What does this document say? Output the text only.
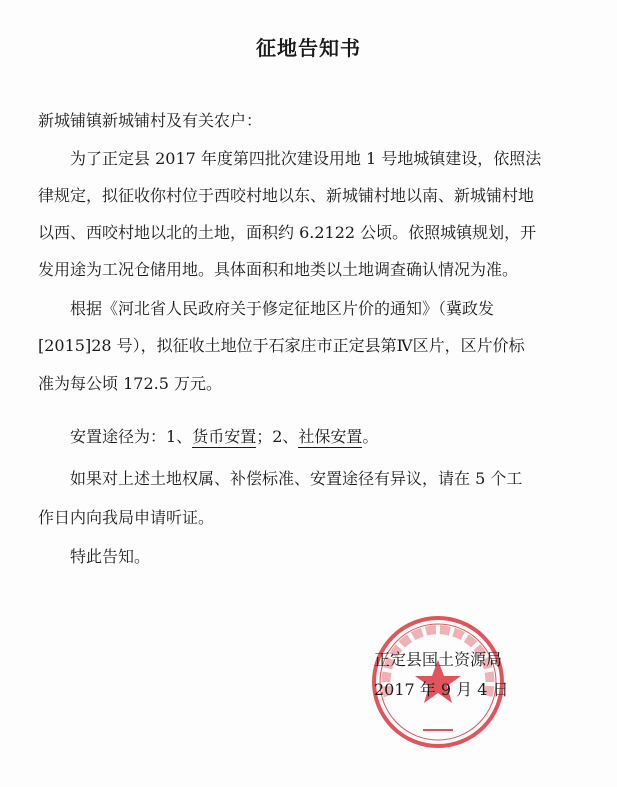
征地告知书
新城铺镇新城铺村及有关农户：
为了正定县 2017 年度第四批次建设用地 1 号地城镇建设，依照法
律规定，拟征收你村位于西咬村地以东、新城铺村地以南、新城铺村地
以西、西咬村地以北的土地，面积约 6.2122 公顷。依照城镇规划，开
发用途为工况仓储用地。具体面积和地类以土地调查确认情况为准。
根据《河北省人民政府关于修定征地区片价的通知》（冀政发
[2015]28 号），拟征收土地位于石家庄市正定县第Ⅳ区片，区片价标
准为每公顷 172.5 万元。
安置途径为：1、货币安置；2、社保安置。
如果对上述土地权属、补偿标准、安置途径有异议，请在 5 个工
作日内向我局申请听证。
特此告知。
正定县国土资源局
2017 年 9 月 4 日
